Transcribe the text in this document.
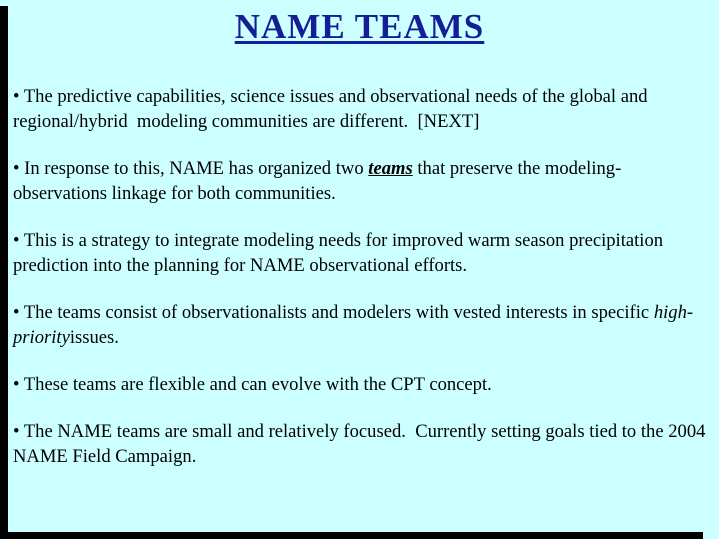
NAME TEAMS

• The predictive capabilities, science issues and observational needs of the global and regional/hybrid  modeling communities are different.  [NEXT]

• In response to this, NAME has organized two teams that preserve the modeling-observations linkage for both communities.

• This is a strategy to integrate modeling needs for improved warm season precipitation prediction into the planning for NAME observational efforts.

• The teams consist of observationalists and modelers with vested interests in specific high-priorityissues.

• These teams are flexible and can evolve with the CPT concept.

• The NAME teams are small and relatively focused.  Currently setting goals tied to the 2004 NAME Field Campaign.
